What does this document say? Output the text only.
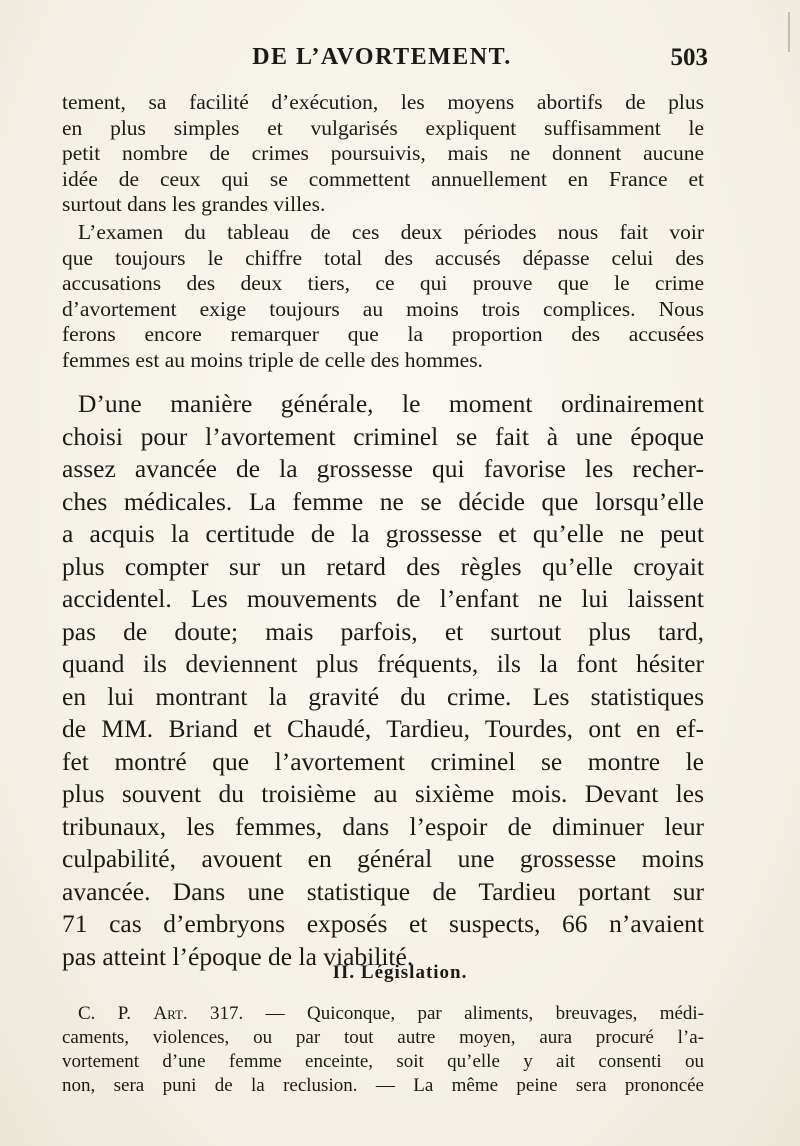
DE L’AVORTEMENT.	503
tement, sa facilité d’exécution, les moyens abortifs de plus
en plus simples et vulgarisés expliquent suffisamment le
petit nombre de crimes poursuivis, mais ne donnent aucune
idée de ceux qui se commettent annuellement en France et
surtout dans les grandes villes.
L’examen du tableau de ces deux périodes nous fait voir
que toujours le chiffre total des accusés dépasse celui des
accusations des deux tiers, ce qui prouve que le crime
d’avortement exige toujours au moins trois complices. Nous
ferons encore remarquer que la proportion des accusées
femmes est au moins triple de celle des hommes.
D’une manière générale, le moment ordinairement
choisi pour l’avortement criminel se fait à une époque
assez avancée de la grossesse qui favorise les recher-
ches médicales. La femme ne se décide que lorsqu’elle
a acquis la certitude de la grossesse et qu’elle ne peut
plus compter sur un retard des règles qu’elle croyait
accidentel. Les mouvements de l’enfant ne lui laissent
pas de doute; mais parfois, et surtout plus tard,
quand ils deviennent plus fréquents, ils la font hésiter
en lui montrant la gravité du crime. Les statistiques
de MM. Briand et Chaudé, Tardieu, Tourdes, ont en ef-
fet montré que l’avortement criminel se montre le
plus souvent du troisième au sixième mois. Devant les
tribunaux, les femmes, dans l’espoir de diminuer leur
culpabilité, avouent en général une grossesse moins
avancée. Dans une statistique de Tardieu portant sur
71 cas d’embryons exposés et suspects, 66 n’avaient
pas atteint l’époque de la viabilité.
II. Législation.
C. P. Art. 317. — Quiconque, par aliments, breuvages, médi-
caments, violences, ou par tout autre moyen, aura procuré l’a-
vortement d’une femme enceinte, soit qu’elle y ait consenti ou
non, sera puni de la reclusion. — La même peine sera prononcée
